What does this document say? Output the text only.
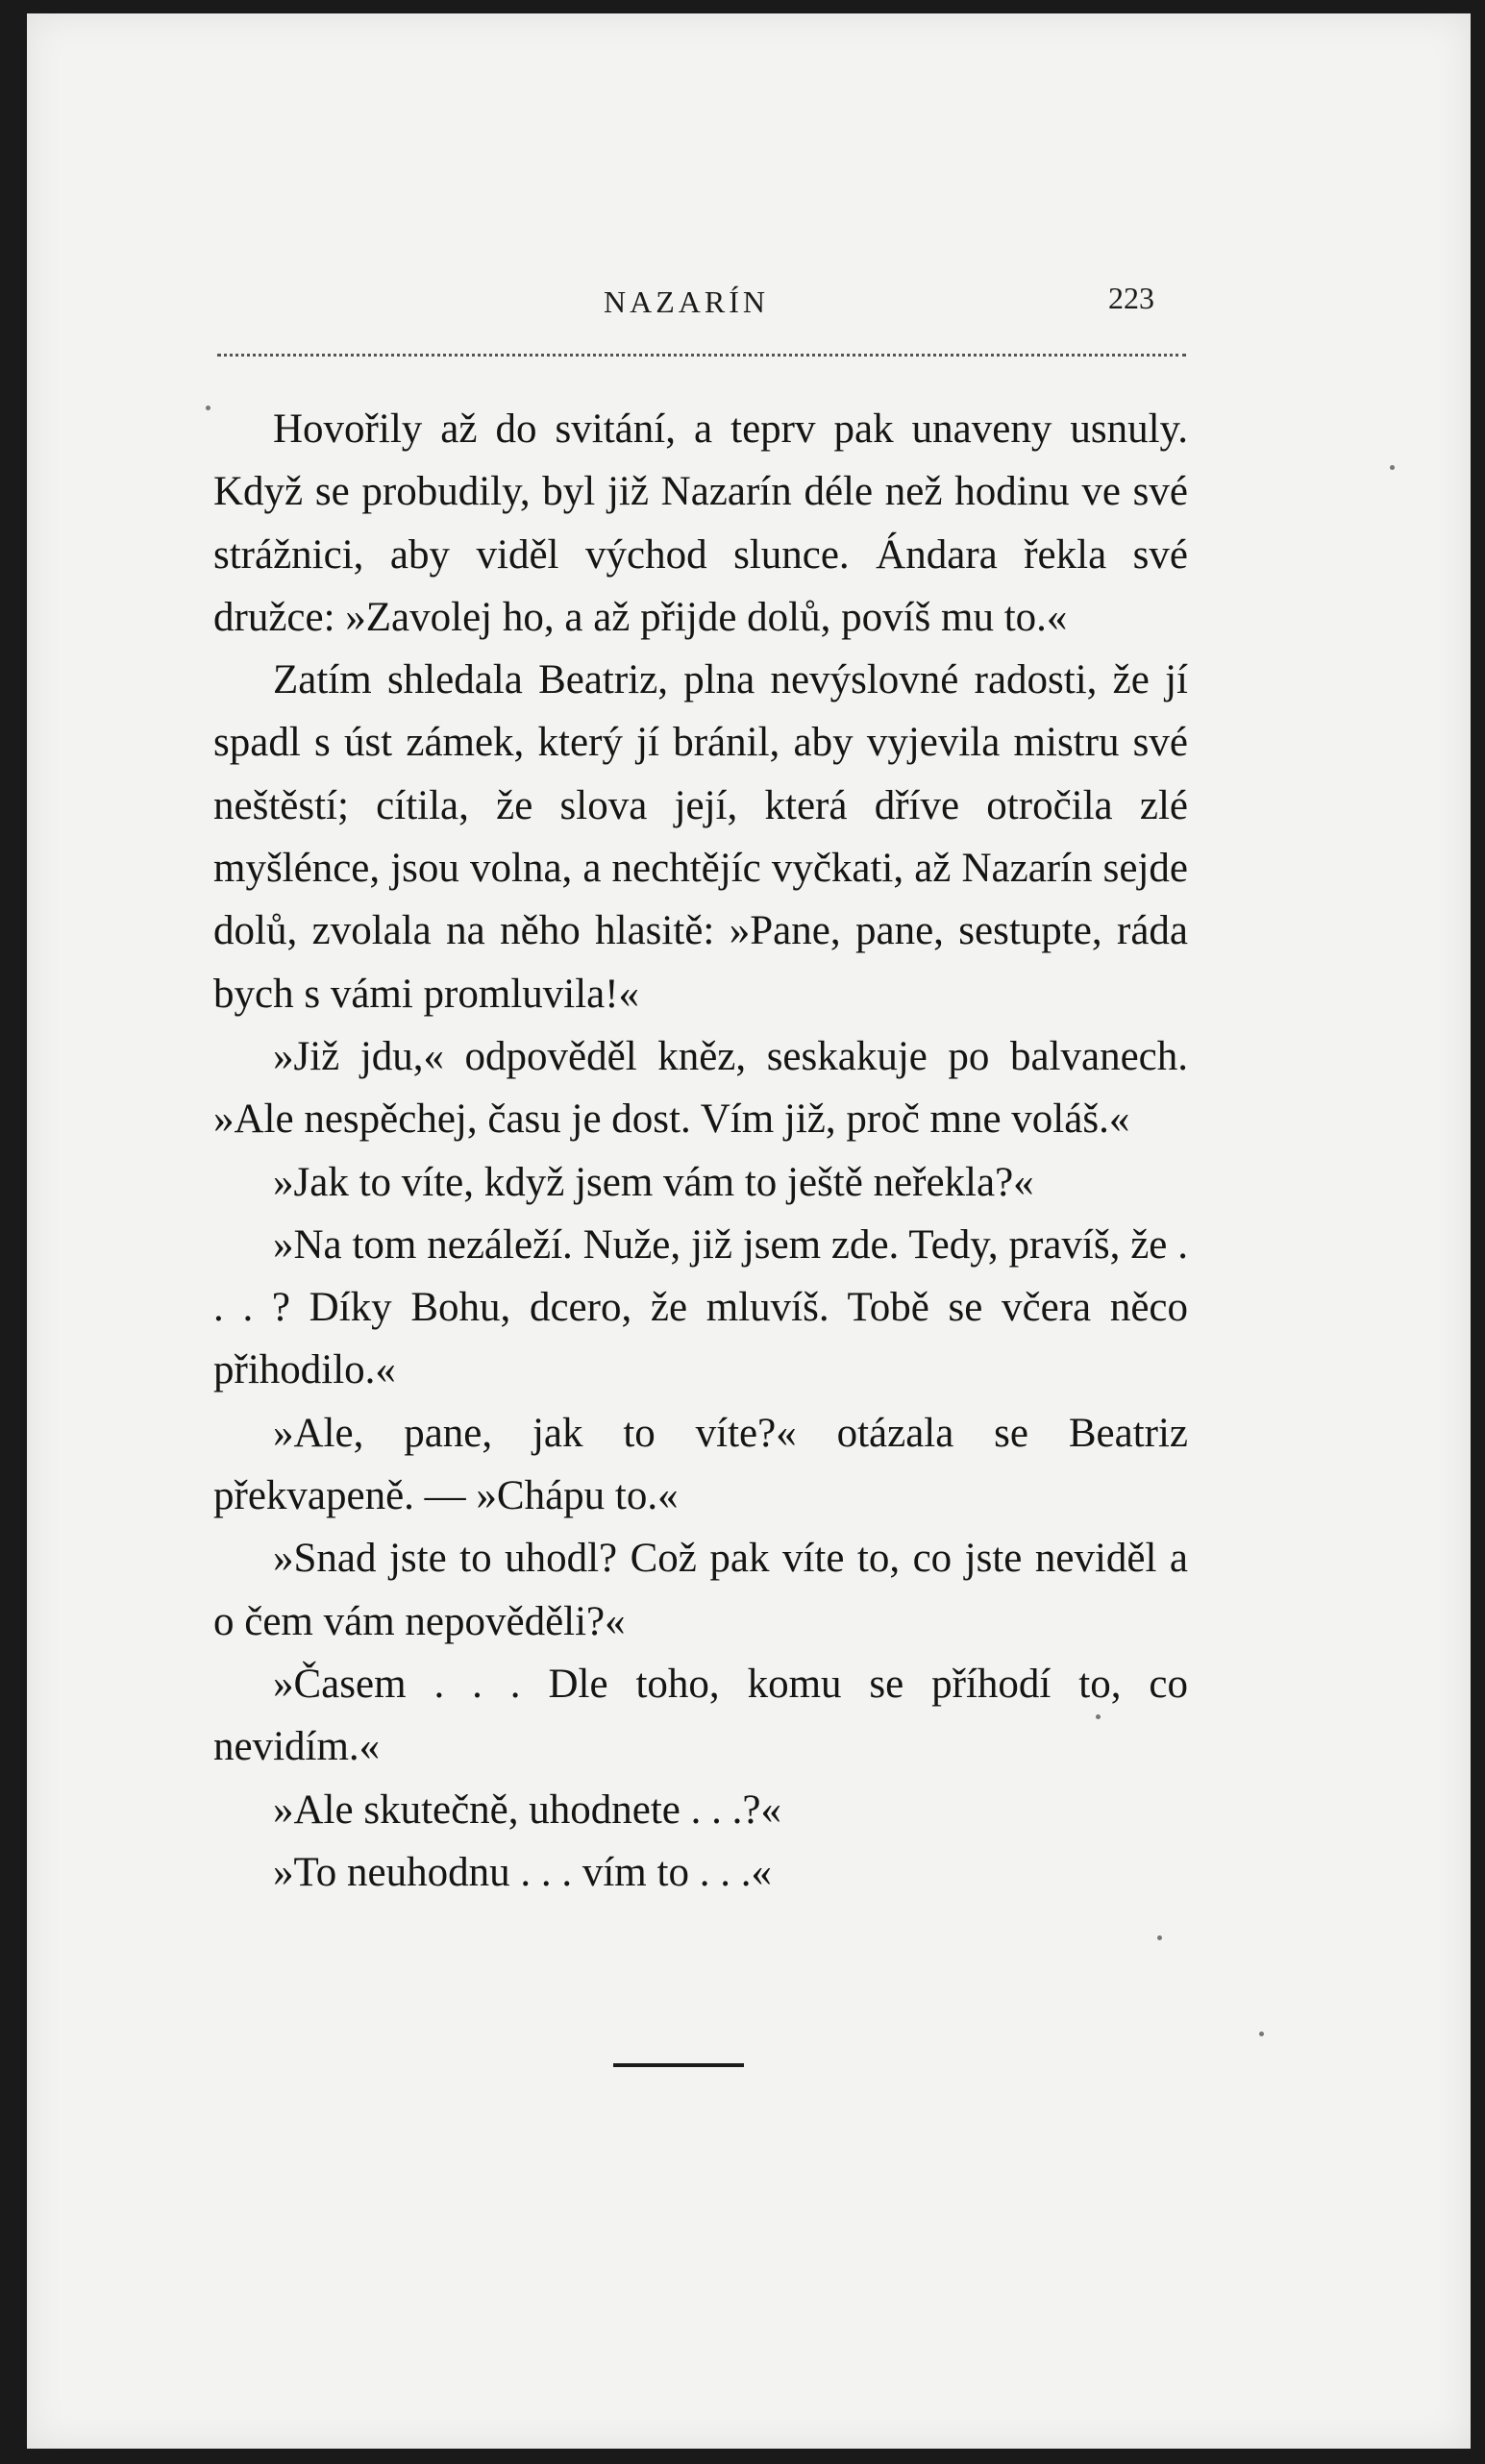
NAZARÍN	223

Hovořily až do svitání, a teprv pak unaveny usnuly. Když se probudily, byl již Nazarín déle než hodinu ve své strážnici, aby viděl východ slunce. Ándara řekla své družce: »Zavolej ho, a až přijde dolů, povíš mu to.«

Zatím shledala Beatriz, plna nevýslovné radosti, že jí spadl s úst zámek, který jí bránil, aby vyjevila mistru své neštěstí; cítila, že slova její, která dříve otročila zlé myšlénce, jsou volna, a nechtějíc vyčkati, až Nazarín sejde dolů, zvolala na něho hlasitě: »Pane, pane, sestupte, ráda bych s vámi promluvila!«

»Již jdu,« odpověděl kněz, seskakuje po balvanech. »Ale nespěchej, času je dost. Vím již, proč mne voláš.«

»Jak to víte, když jsem vám to ještě neřekla?«

»Na tom nezáleží. Nuže, již jsem zde. Tedy, pravíš, že . . . ? Díky Bohu, dcero, že mluvíš. Tobě se včera něco přihodilo.«

»Ale, pane, jak to víte?« otázala se Beatriz překvapeně. — »Chápu to.«

»Snad jste to uhodl? Což pak víte to, co jste neviděl a o čem vám nepověděli?«

»Časem . . . Dle toho, komu se příhodí to, co nevidím.«

»Ale skutečně, uhodnete . . .?«

»To neuhodnu . . . vím to . . .«
